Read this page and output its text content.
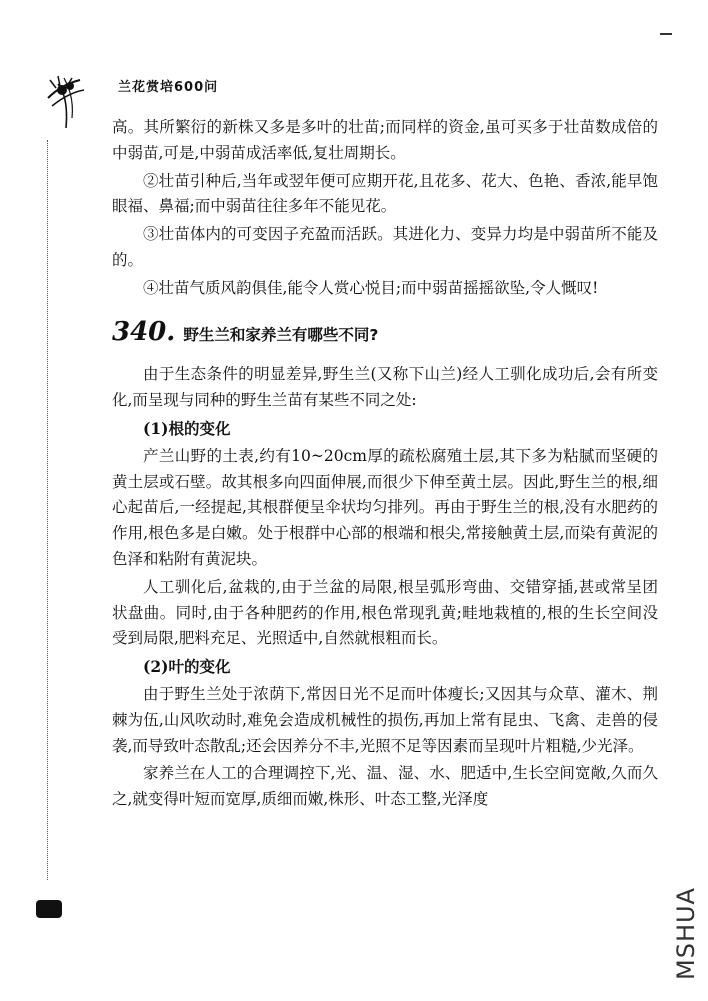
兰花赏培600问

高。其所繁衍的新株又多是多叶的壮苗;而同样的资金,虽可买多于壮苗数成倍的中弱苗,可是,中弱苗成活率低,复壮周期长。

②壮苗引种后,当年或翌年便可应期开花,且花多、花大、色艳、香浓,能早饱眼福、鼻福;而中弱苗往往多年不能见花。

③壮苗体内的可变因子充盈而活跃。其进化力、变异力均是中弱苗所不能及的。

④壮苗气质风韵俱佳,能令人赏心悦目;而中弱苗摇摇欲坠,令人慨叹!

340. 野生兰和家养兰有哪些不同?

由于生态条件的明显差异,野生兰(又称下山兰)经人工驯化成功后,会有所变化,而呈现与同种的野生兰苗有某些不同之处:

(1)根的变化

产兰山野的土表,约有10~20cm厚的疏松腐殖土层,其下多为粘腻而坚硬的黄土层或石壁。故其根多向四面伸展,而很少下伸至黄土层。因此,野生兰的根,细心起苗后,一经提起,其根群便呈伞状均匀排列。再由于野生兰的根,没有水肥药的作用,根色多是白嫩。处于根群中心部的根端和根尖,常接触黄土层,而染有黄泥的色泽和粘附有黄泥块。

人工驯化后,盆栽的,由于兰盆的局限,根呈弧形弯曲、交错穿插,甚或常呈团状盘曲。同时,由于各种肥药的作用,根色常现乳黄;畦地栽植的,根的生长空间没受到局限,肥料充足、光照适中,自然就根粗而长。

(2)叶的变化

由于野生兰处于浓荫下,常因日光不足而叶体瘦长;又因其与众草、灌木、荆棘为伍,山风吹动时,难免会造成机械性的损伤,再加上常有昆虫、飞禽、走兽的侵袭,而导致叶态散乱;还会因养分不丰,光照不足等因素而呈现叶片粗糙,少光泽。

家养兰在人工的合理调控下,光、温、湿、水、肥适中,生长空间宽敞,久而久之,就变得叶短而宽厚,质细而嫩,株形、叶态工整,光泽度

MSHUA
